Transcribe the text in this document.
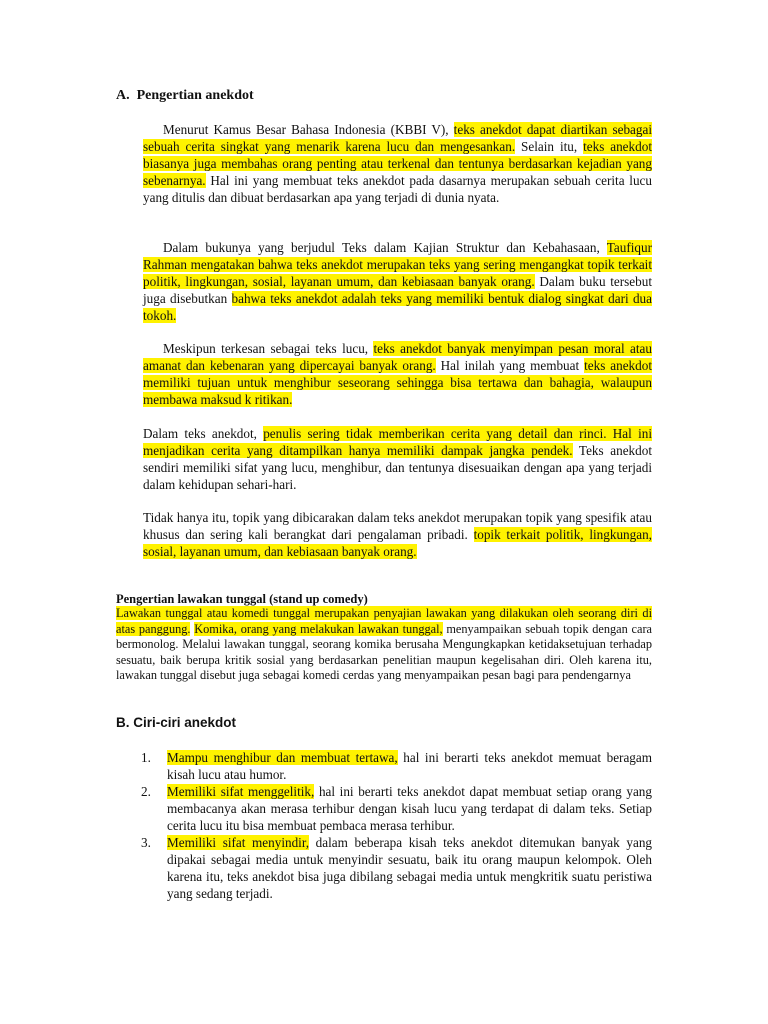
A.  Pengertian anekdot

Menurut Kamus Besar Bahasa Indonesia (KBBI V), teks anekdot dapat diartikan sebagai sebuah cerita singkat yang menarik karena lucu dan mengesankan. Selain itu, teks anekdot biasanya juga membahas orang penting atau terkenal dan tentunya berdasarkan kejadian yang sebenarnya. Hal ini yang membuat teks anekdot pada dasarnya merupakan sebuah cerita lucu yang ditulis dan dibuat berdasarkan apa yang terjadi di dunia nyata.

Dalam bukunya yang berjudul Teks dalam Kajian Struktur dan Kebahasaan, Taufiqur Rahman mengatakan bahwa teks anekdot merupakan teks yang sering mengangkat topik terkait politik, lingkungan, sosial, layanan umum, dan kebiasaan banyak orang. Dalam buku tersebut juga disebutkan bahwa teks anekdot adalah teks yang memiliki bentuk dialog singkat dari dua tokoh.

Meskipun terkesan sebagai teks lucu, teks anekdot banyak menyimpan pesan moral atau amanat dan kebenaran yang dipercayai banyak orang. Hal inilah yang membuat teks anekdot memiliki tujuan untuk menghibur seseorang sehingga bisa tertawa dan bahagia, walaupun membawa maksud k ritikan.

Dalam teks anekdot, penulis sering tidak memberikan cerita yang detail dan rinci. Hal ini menjadikan cerita yang ditampilkan hanya memiliki dampak jangka pendek. Teks anekdot sendiri memiliki sifat yang lucu, menghibur, dan tentunya disesuaikan dengan apa yang terjadi dalam kehidupan sehari-hari.

Tidak hanya itu, topik yang dibicarakan dalam teks anekdot merupakan topik yang spesifik atau khusus dan sering kali berangkat dari pengalaman pribadi. topik terkait politik, lingkungan, sosial, layanan umum, dan kebiasaan banyak orang.

Pengertian lawakan tunggal (stand up comedy)

Lawakan tunggal atau komedi tunggal merupakan penyajian lawakan yang dilakukan oleh seorang diri di atas panggung. Komika, orang yang melakukan lawakan tunggal, menyampaikan sebuah topik dengan cara bermonolog. Melalui lawakan tunggal, seorang komika berusaha Mengungkapkan ketidaksetujuan terhadap sesuatu, baik berupa kritik sosial yang berdasarkan penelitian maupun kegelisahan diri. Oleh karena itu, lawakan tunggal disebut juga sebagai komedi cerdas yang menyampaikan pesan bagi para pendengarnya

B. Ciri-ciri anekdot
1. Mampu menghibur dan membuat tertawa, hal ini berarti teks anekdot memuat beragam kisah lucu atau humor.
2. Memiliki sifat menggelitik, hal ini berarti teks anekdot dapat membuat setiap orang yang membacanya akan merasa terhibur dengan kisah lucu yang terdapat di dalam teks. Setiap cerita lucu itu bisa membuat pembaca merasa terhibur.
3. Memiliki sifat menyindir, dalam beberapa kisah teks anekdot ditemukan banyak yang dipakai sebagai media untuk menyindir sesuatu, baik itu orang maupun kelompok. Oleh karena itu, teks anekdot bisa juga dibilang sebagai media untuk mengkritik suatu peristiwa yang sedang terjadi.
